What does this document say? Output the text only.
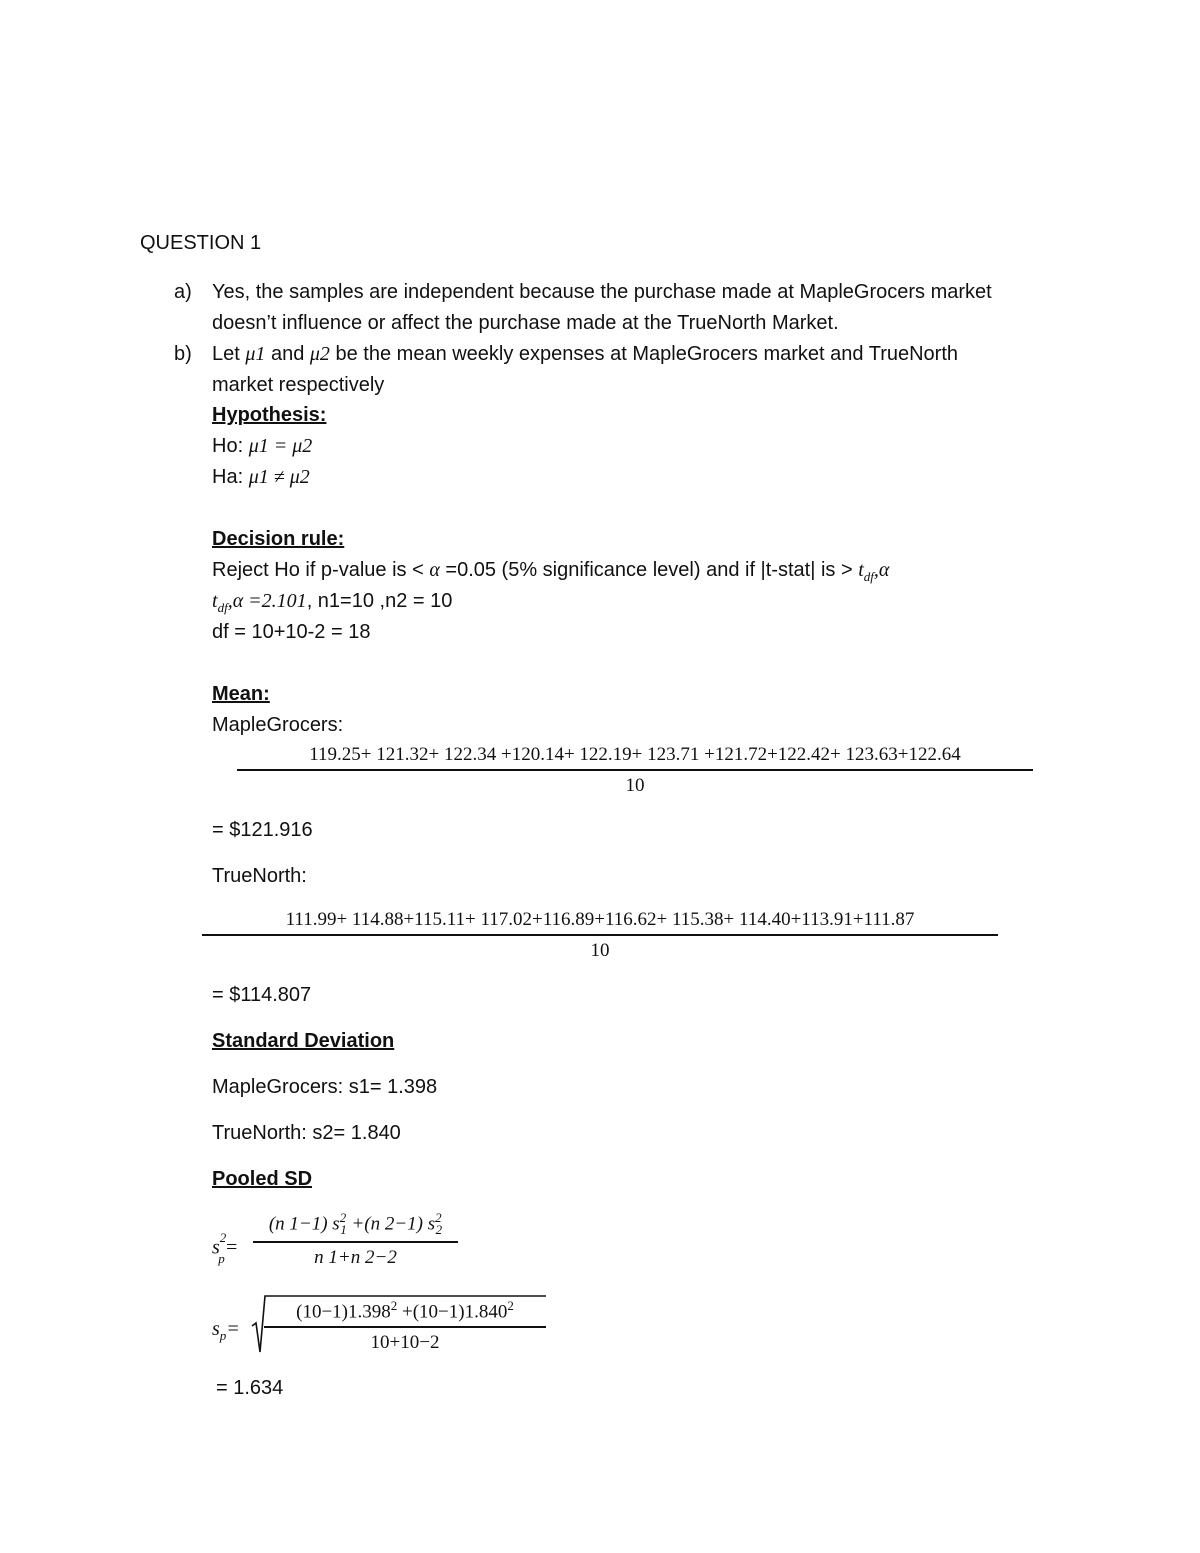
QUESTION 1
a) Yes, the samples are independent because the purchase made at MapleGrocers market
doesn’t influence or affect the purchase made at the TrueNorth Market.
b) Let μ1 and μ2 be the mean weekly expenses at MapleGrocers market and TrueNorth
market respectively
Hypothesis:
Ho: μ1 = μ2
Ha: μ1 ≠ μ2
Decision rule:
Reject Ho if p-value is < α =0.05 (5% significance level) and if |t-stat| is > $t_{df},\alpha$
$t_{df},\alpha =2.101$, n1=10 ,n2 = 10
df = 10+10-2 = 18
Mean:
MapleGrocers:
119.25+ 121.32+ 122.34 +120.14+ 122.19+ 123.71 +121.72+122.42+ 123.63+122.64
10
= $121.916
TrueNorth:
111.99+ 114.88+115.11+ 117.02+116.89+116.62+ 115.38+ 114.40+113.91+111.87
10
= $114.807
Standard Deviation
MapleGrocers: s1= 1.398
TrueNorth: s2= 1.840
Pooled SD
$s^2_p= \frac{(n 1-1) s^2_1 +(n 2-1) s^2_2}{n 1+n 2-2}$
$s_p= \frac{(10-1)1.398^2 +(10-1)1.840^2}{10+10-2}$
= 1.634
